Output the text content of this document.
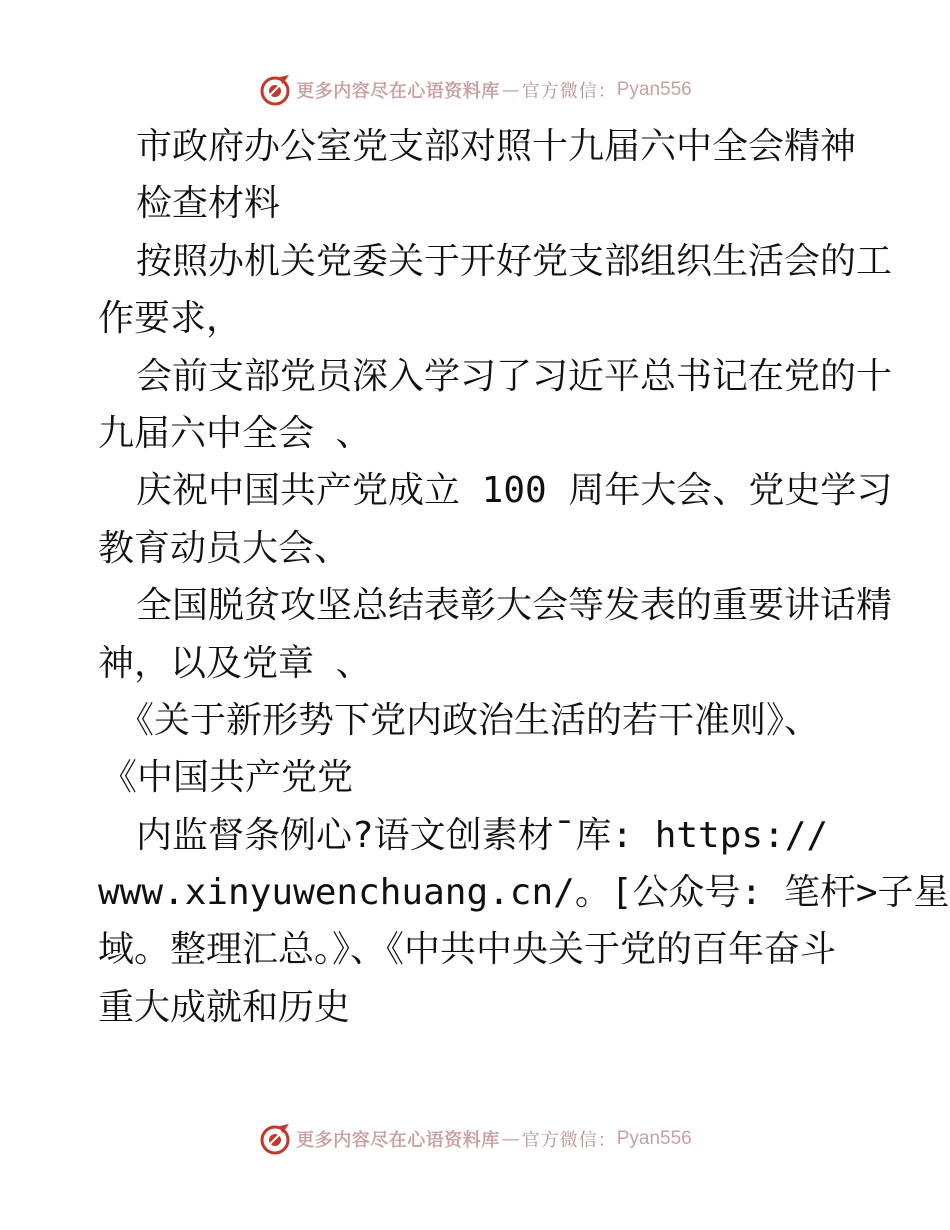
更多内容尽在心语资料库 — 官方微信： Pyan556
市政府办公室党支部对照十九届六中全会精神
检查材料
按照办机关党委关于开好党支部组织生活会的工
作要求，
会前支部党员深入学习了习近平总书记在党的十
九届六中全会 、
庆祝中国共产党成立 100 周年大会、党史学习
教育动员大会、
全国脱贫攻坚总结表彰大会等发表的重要讲话精
神，以及党章 、
《关于新形势下党内政治生活的若干准则》、
《中国共产党党
内监督条例心?语文创素材¯库: https://
www.xinyuwenchuang.cn/。[公众号: 笔杆>子星
域。整理汇总。》、《中共中央关于党的百年奋斗
重大成就和历史
更多内容尽在心语资料库 — 官方微信： Pyan556
